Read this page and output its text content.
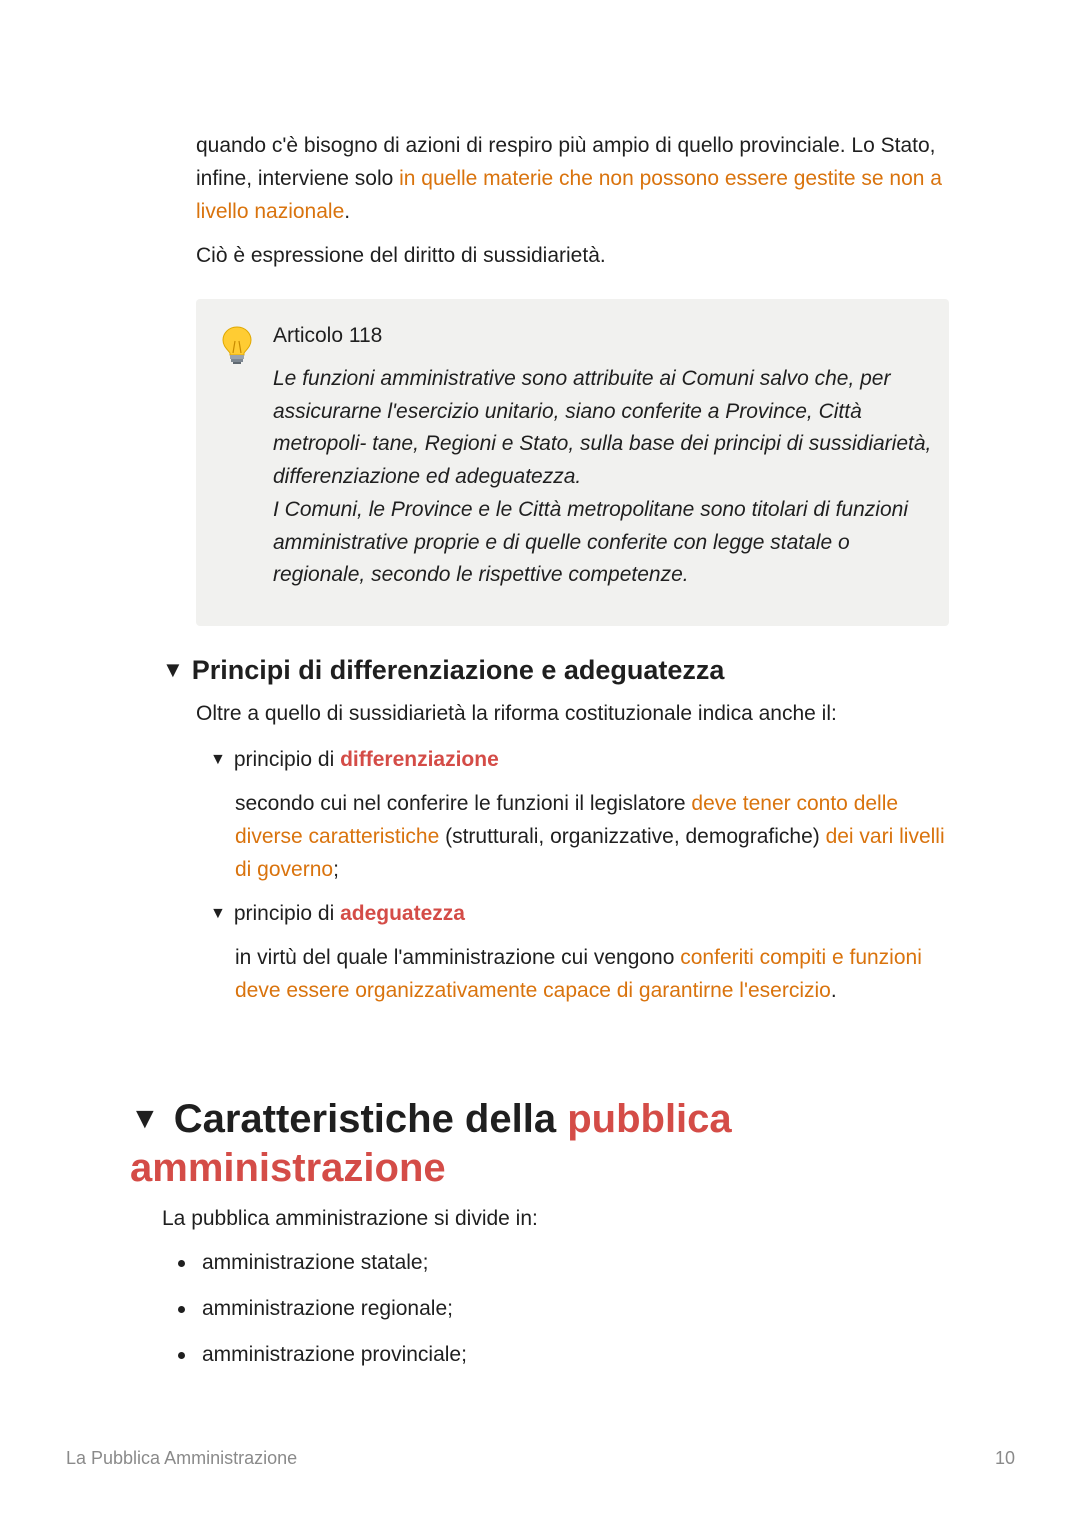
quando c'è bisogno di azioni di respiro più ampio di quello provinciale. Lo Stato, infine, interviene solo in quelle materie che non possono essere gestite se non a livello nazionale.

Ciò è espressione del diritto di sussidiarietà.

Articolo 118
Le funzioni amministrative sono attribuite ai Comuni salvo che, per assicurarne l'esercizio unitario, siano conferite a Province, Città metropoli- tane, Regioni e Stato, sulla base dei principi di sussidiarietà, differenziazione ed adeguatezza.
I Comuni, le Province e le Città metropolitane sono titolari di funzioni amministrative proprie e di quelle conferite con legge statale o regionale, secondo le rispettive competenze.
▼ Principi di differenziazione e adeguatezza
Oltre a quello di sussidiarietà la riforma costituzionale indica anche il:
▼ principio di differenziazione
secondo cui nel conferire le funzioni il legislatore deve tener conto delle diverse caratteristiche (strutturali, organizzative, demografiche) dei vari livelli di governo;
▼ principio di adeguatezza
in virtù del quale l'amministrazione cui vengono conferiti compiti e funzioni deve essere organizzativamente capace di garantirne l'esercizio.
▼ Caratteristiche della pubblica amministrazione
La pubblica amministrazione si divide in:
amministrazione statale;
amministrazione regionale;
amministrazione provinciale;
La Pubblica Amministrazione	10
